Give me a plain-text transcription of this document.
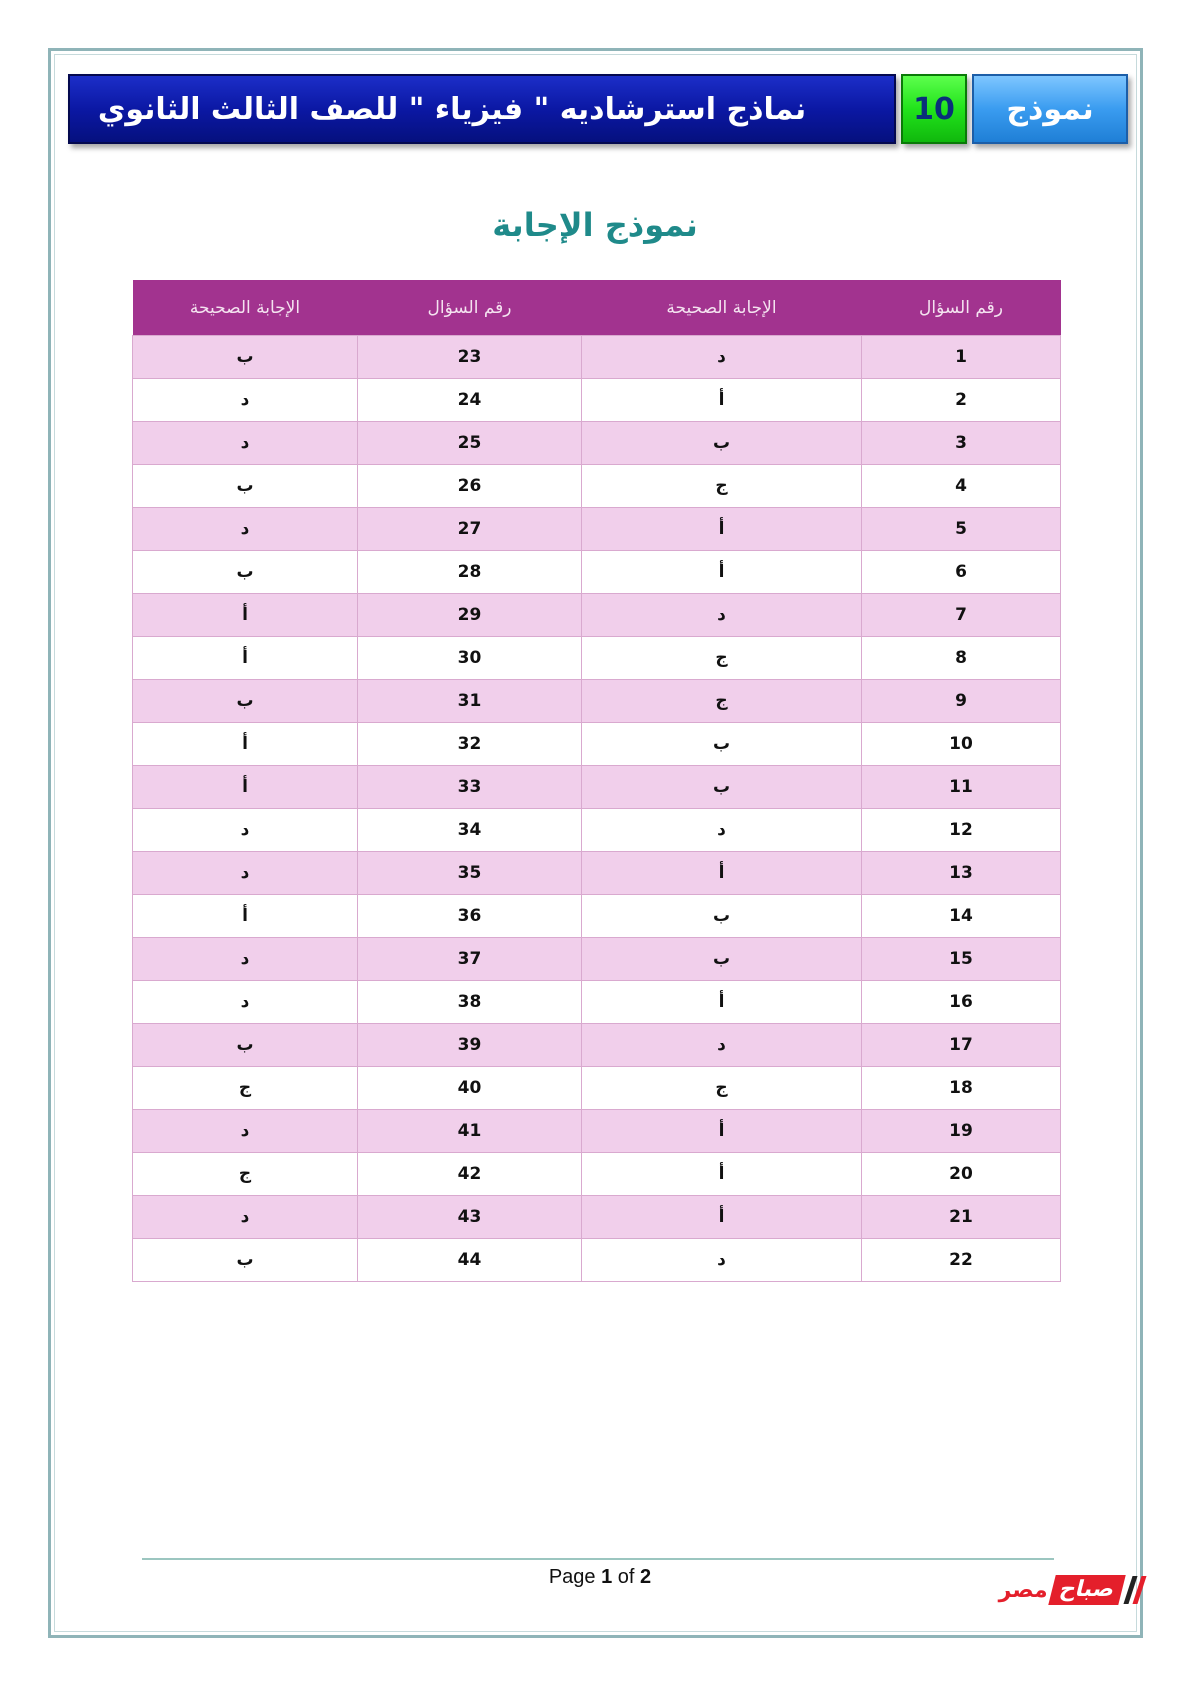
نماذج استرشاديه " فيزياء " للصف الثالث الثانوي	10	نموذج
نموذج الإجابة
رقم السؤال	الإجابة الصحيحة	رقم السؤال	الإجابة الصحيحة
1	د	23	ب
2	أ	24	د
3	ب	25	د
4	ج	26	ب
5	أ	27	د
6	أ	28	ب
7	د	29	أ
8	ج	30	أ
9	ج	31	ب
10	ب	32	أ
11	ب	33	أ
12	د	34	د
13	أ	35	د
14	ب	36	أ
15	ب	37	د
16	أ	38	د
17	د	39	ب
18	ج	40	ج
19	أ	41	د
20	أ	42	ج
21	أ	43	د
22	د	44	ب
Page 1 of 2	صباح
مصر
